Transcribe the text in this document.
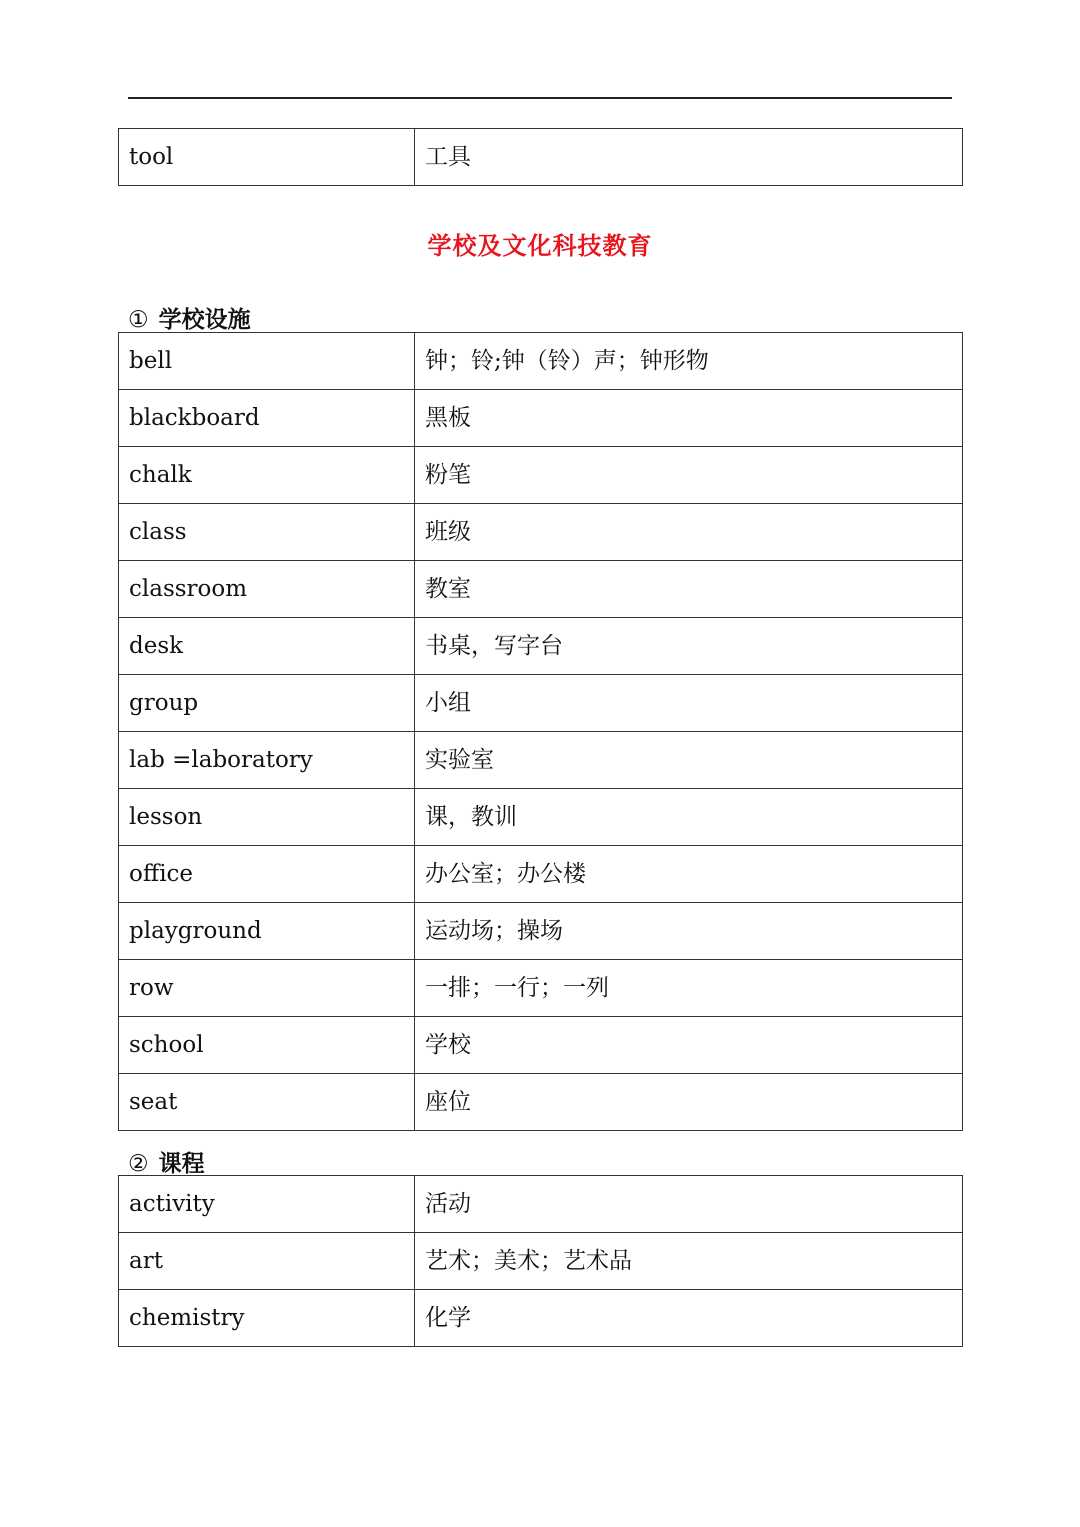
tool	工具
学校及文化科技教育
① 学校设施
bell	钟；铃;钟（铃）声；钟形物
blackboard	黑板
chalk	粉笔
class	班级
classroom	教室
desk	书桌，写字台
group	小组
lab =laboratory	实验室
lesson	课，教训
office	办公室；办公楼
playground	运动场；操场
row	一排；一行；一列
school	学校
seat	座位
② 课程
activity	活动
art	艺术；美术；艺术品
chemistry	化学
